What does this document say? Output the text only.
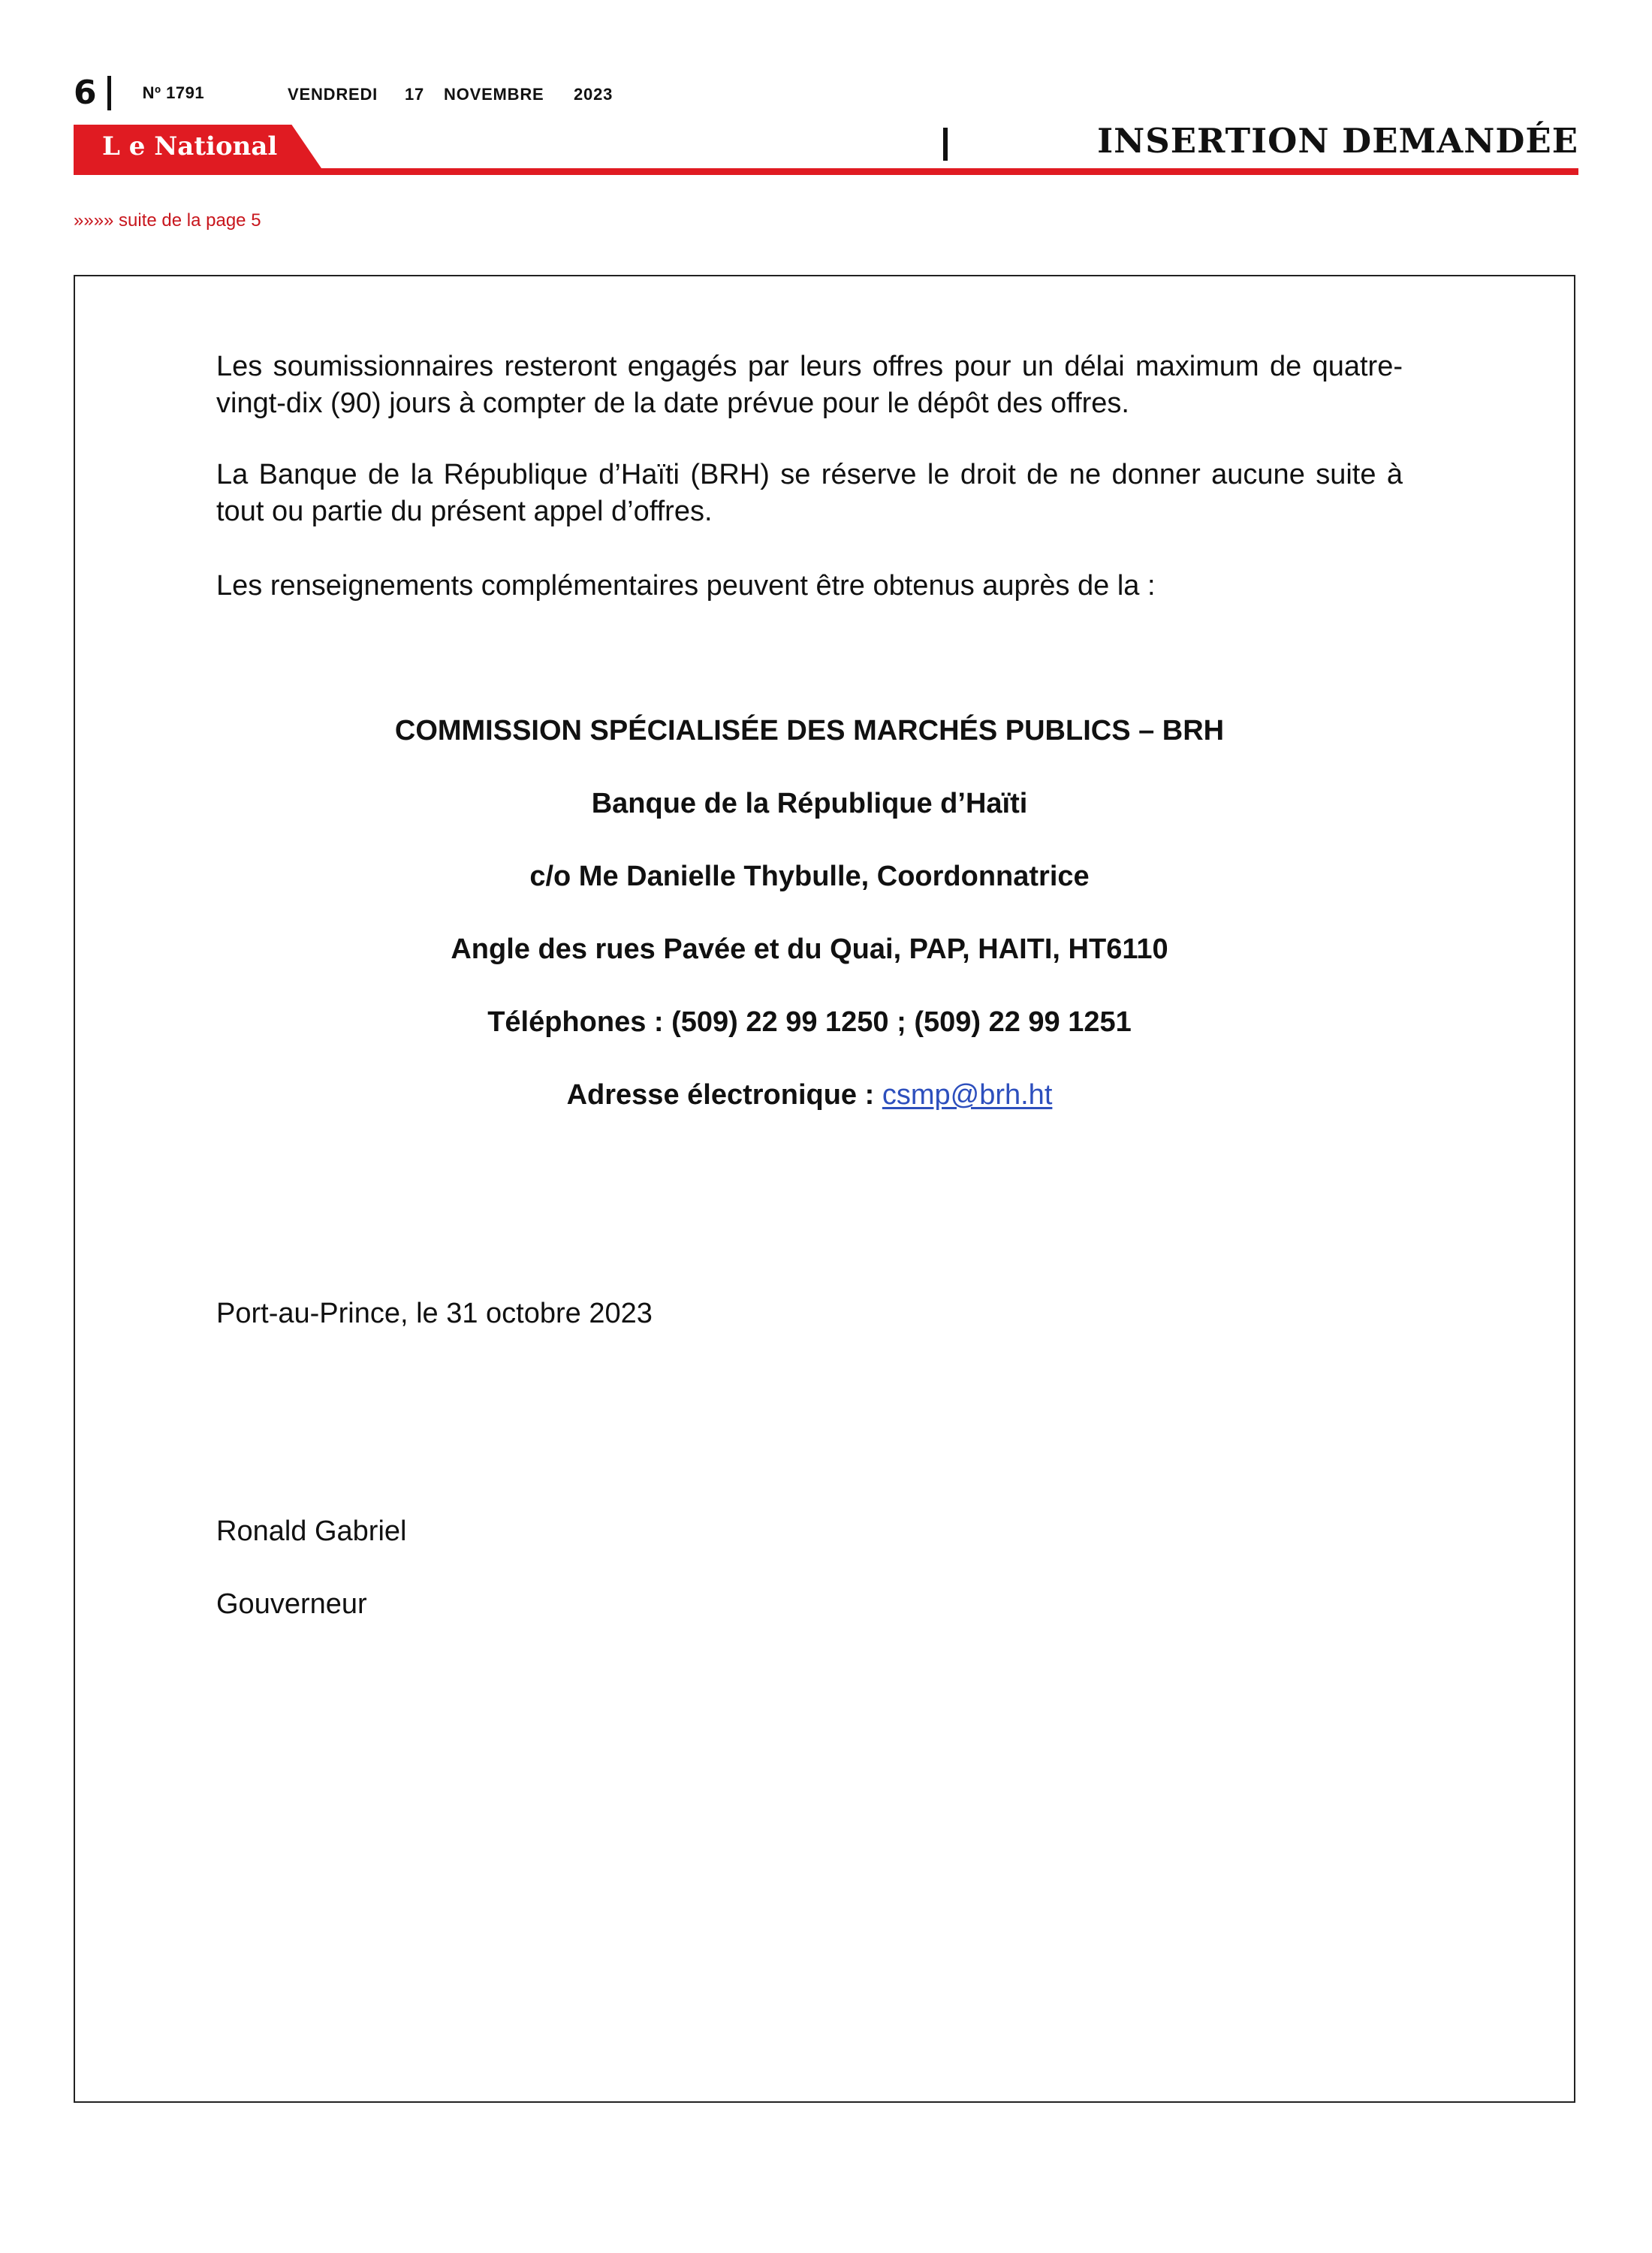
6	Nº 1791	VENDREDI 17 NOVEMBRE 2023
L e National	INSERTION DEMANDÉE
»»»» suite de la page 5
Les soumissionnaires resteront engagés par leurs offres pour un délai maximum de quatre-vingt-dix (90) jours à compter de la date prévue pour le dépôt des offres.
La Banque de la République d’Haïti (BRH) se réserve le droit de ne donner aucune suite à tout ou partie du présent appel d’offres.
Les renseignements complémentaires peuvent être obtenus auprès de la :
COMMISSION SPÉCIALISÉE DES MARCHÉS PUBLICS – BRH
Banque de la République d’Haïti
c/o Me Danielle Thybulle, Coordonnatrice
Angle des rues Pavée et du Quai, PAP, HAITI, HT6110
Téléphones : (509) 22 99 1250 ; (509) 22 99 1251
Adresse électronique : csmp@brh.ht
Port-au-Prince, le 31 octobre 2023
Ronald Gabriel
Gouverneur
